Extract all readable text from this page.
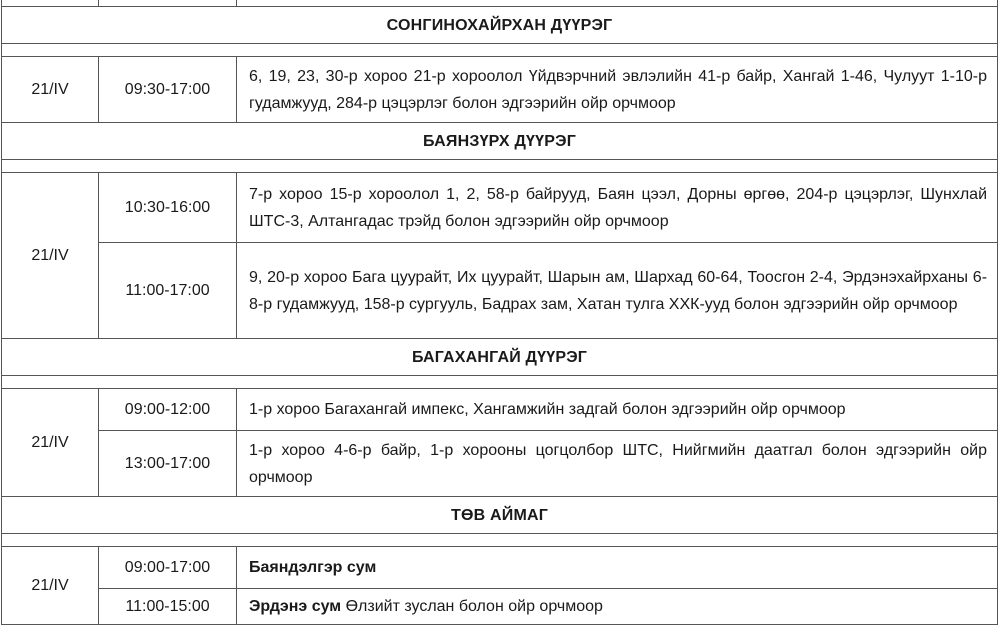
СОНГИНОХАЙРХАН ДҮҮРЭГ		

21/IV	09:30-17:00	6, 19, 23, 30-р хороо 21-р хороолол Үйдвэрчний эвлэлийн 41-р байр, Хангай 1-46, Чулуут 1-10-р гудамжууд, 284-р цэцэрлэг болон эдгээрийн ойр орчмоор
БАЯНЗҮРХ ДҮҮРЭГ		

21/IV	10:30-16:00	7-р хороо 15-р хороолол 1, 2, 58-р байрууд, Баян цээл, Дорны өргөө, 204-р цэцэрлэг, Шунхлай ШТС-3, Алтангадас трэйд болон эдгээрийн ойр орчмоор
	11:00-17:00	9, 20-р хороо Бага цуурайт, Их цуурайт, Шарын ам, Шархад 60-64, Тоосгон 2-4, Эрдэнэхайрханы 6-8-р гудамжууд, 158-р сургууль, Бадрах зам, Хатан тулга ХХК-ууд болон эдгээрийн ойр орчмоор
БАГАХАНГАЙ ДҮҮРЭГ		

21/IV	09:00-12:00	1-р хороо Багахангай импекс, Хангамжийн задгай болон эдгээрийн ойр орчмоор
	13:00-17:00	1-р хороо 4-6-р байр, 1-р хорооны цогцолбор ШТС, Нийгмийн даатгал болон эдгээрийн ойр орчмоор
ТӨВ АЙМАГ		

21/IV	09:00-17:00	Баяндэлгэр сум
	11:00-15:00	Эрдэнэ сум Өлзийт зуслан болон ойр орчмоор
